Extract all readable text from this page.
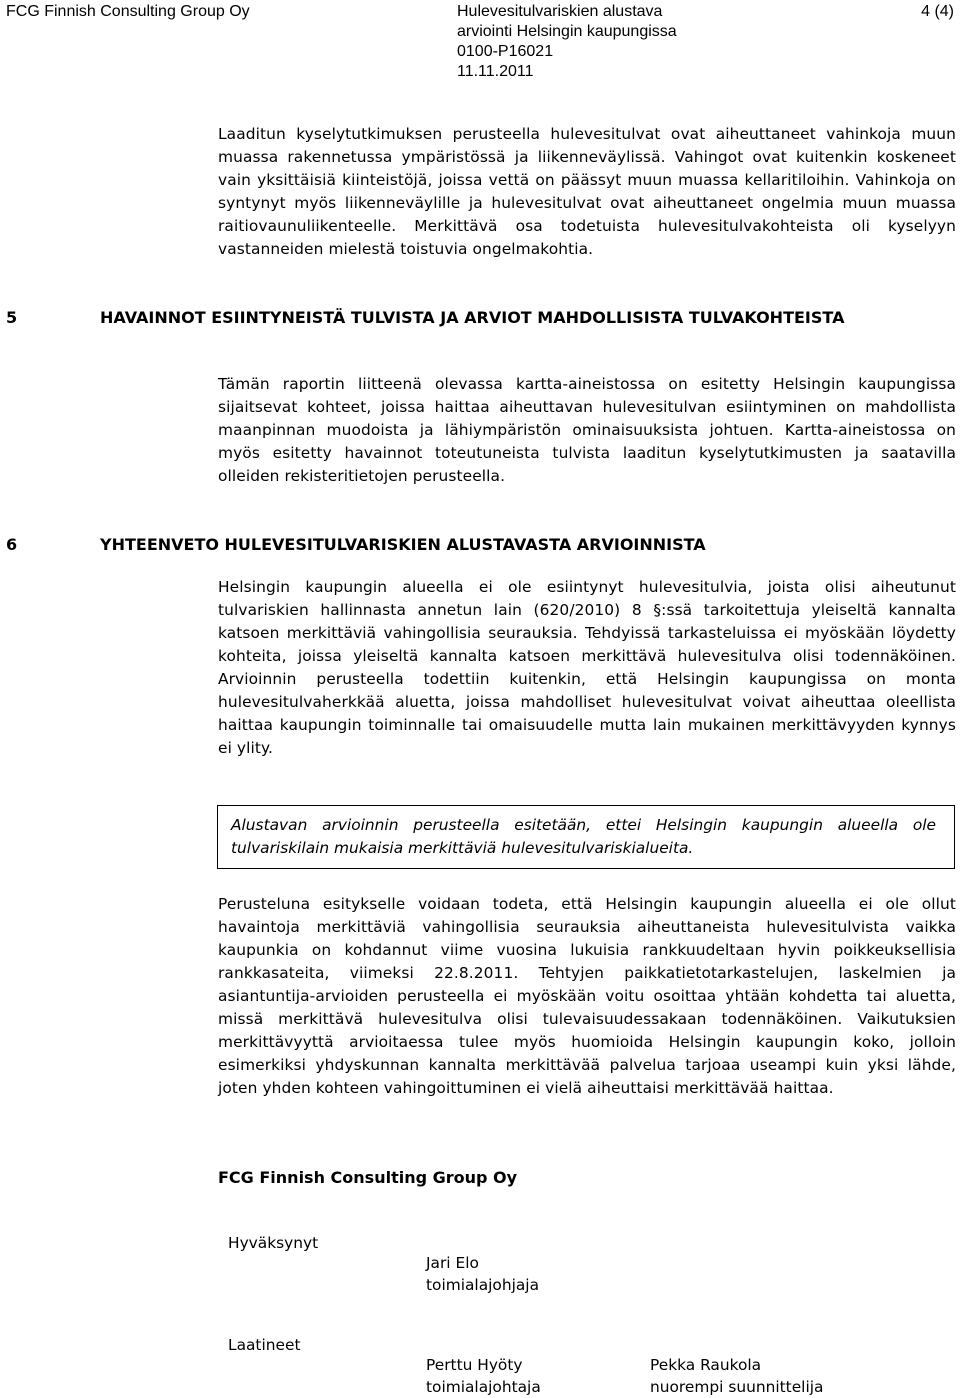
FCG Finnish Consulting Group Oy	Hulevesitulvariskien alustava
arviointi Helsingin kaupungissa
0100-P16021
11.11.2011
4 (4)

Laaditun kyselytutkimuksen perusteella hulevesitulvat ovat aiheuttaneet vahinkoja muun muassa rakennetussa ympäristössä ja liikenneväylissä. Vahingot ovat kuitenkin koskeneet vain yksittäisiä kiinteistöjä, joissa vettä on päässyt muun muassa kellaritiloihin. Vahinkoja on syntynyt myös liikenneväylille ja hulevesitulvat ovat aiheuttaneet ongelmia muun muassa raitiovaunuliikenteelle. Merkittävä osa todetuista hulevesitulvakohteista oli kyselyyn vastanneiden mielestä toistuvia ongelmakohtia.

5	HAVAINNOT ESIINTYNEISTÄ TULVISTA JA ARVIOT MAHDOLLISISTA TULVAKOHTEISTA

Tämän raportin liitteenä olevassa kartta-aineistossa on esitetty Helsingin kaupungissa sijaitsevat kohteet, joissa haittaa aiheuttavan hulevesitulvan esiintyminen on mahdollista maanpinnan muodoista ja lähiympäristön ominaisuuksista johtuen. Kartta-aineistossa on myös esitetty havainnot toteutuneista tulvista laaditun kyselytutkimusten ja saatavilla olleiden rekisteritietojen perusteella.

6	YHTEENVETO HULEVESITULVARISKIEN ALUSTAVASTA ARVIOINNISTA

Helsingin kaupungin alueella ei ole esiintynyt hulevesitulvia, joista olisi aiheutunut tulvariskien hallinnasta annetun lain (620/2010) 8 §:ssä tarkoitettuja yleiseltä kannalta katsoen merkittäviä vahingollisia seurauksia. Tehdyissä tarkasteluissa ei myöskään löydetty kohteita, joissa yleiseltä kannalta katsoen merkittävä hulevesitulva olisi todennäköinen. Arvioinnin perusteella todettiin kuitenkin, että Helsingin kaupungissa on monta hulevesitulvaherkkää aluetta, joissa mahdolliset hulevesitulvat voivat aiheuttaa oleellista haittaa kaupungin toiminnalle tai omaisuudelle mutta lain mukainen merkittävyyden kynnys ei ylity.

Alustavan arvioinnin perusteella esitetään, ettei Helsingin kaupungin alueella ole tulvariskilain mukaisia merkittäviä hulevesitulvariskialueita.

Perusteluna esitykselle voidaan todeta, että Helsingin kaupungin alueella ei ole ollut havaintoja merkittäviä vahingollisia seurauksia aiheuttaneista hulevesitulvista vaikka kaupunkia on kohdannut viime vuosina lukuisia rankkuudeltaan hyvin poikkeuksellisia rankkasateita, viimeksi 22.8.2011. Tehtyjen paikkatietotarkastelujen, laskelmien ja asiantuntija-arvioiden perusteella ei myöskään voitu osoittaa yhtään kohdetta tai aluetta, missä merkittävä hulevesitulva olisi tulevaisuudessakaan todennäköinen. Vaikutuksien merkittävyyttä arvioitaessa tulee myös huomioida Helsingin kaupungin koko, jolloin esimerkiksi yhdyskunnan kannalta merkittävää palvelua tarjoaa useampi kuin yksi lähde, joten yhden kohteen vahingoittuminen ei vielä aiheuttaisi merkittävää haittaa.

FCG Finnish Consulting Group Oy
Hyväksynyt
Jari Elo
toimialajohjaja
Laatineet
Perttu Hyöty
toimialajohtaja
Pekka Raukola
nuorempi suunnittelija
